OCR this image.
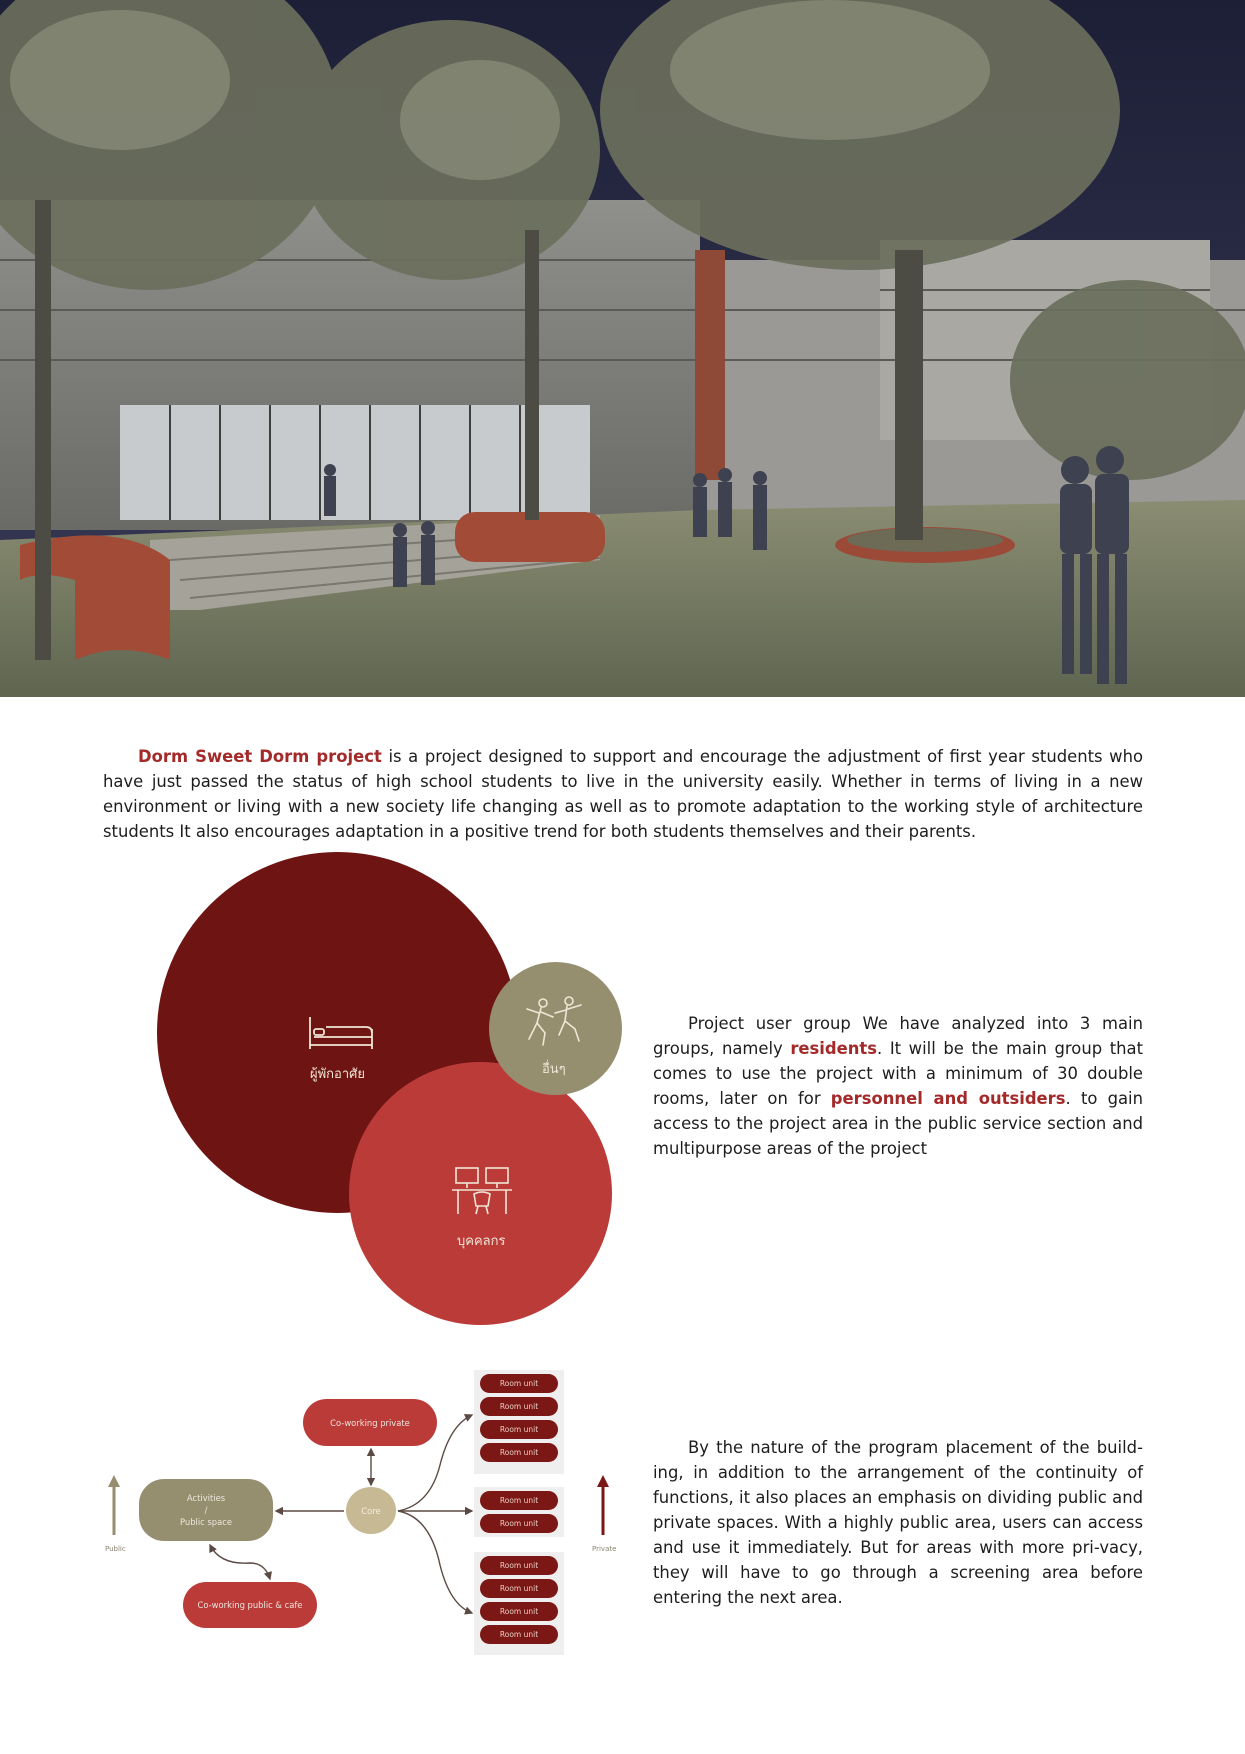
Dorm Sweet Dorm project is a project designed to support and encourage the adjustment of first year students who have just passed the status of high school students to live in the university easily. Whether in terms of living in a new environment or living with a new society life changing as well as to promote adaptation to the working style of architecture students It also encourages adaptation in a positive trend for both students themselves and their parents.

ผู้พักอาศัย	อื่นๆ
บุคคลกร

Project user group We have analyzed into 3 main groups, namely residents. It will be the main group that comes to use the project with a minimum of 30 double rooms, later on for personnel and outsiders. to gain access to the project area in the public service section and multipurpose areas of the project

Public	Private
Co-working private
Activities
/
Public space
Core
Co-working public & cafe
Room unit
Room unit
Room unit
Room unit
Room unit
Room unit
Room unit
Room unit
Room unit
Room unit

By the nature of the program placement of the build-ing, in addition to the arrangement of the continuity of functions, it also places an emphasis on dividing public and private spaces. With a highly public area, users can access and use it immediately. But for areas with more pri-vacy, they will have to go through a screening area before entering the next area.
